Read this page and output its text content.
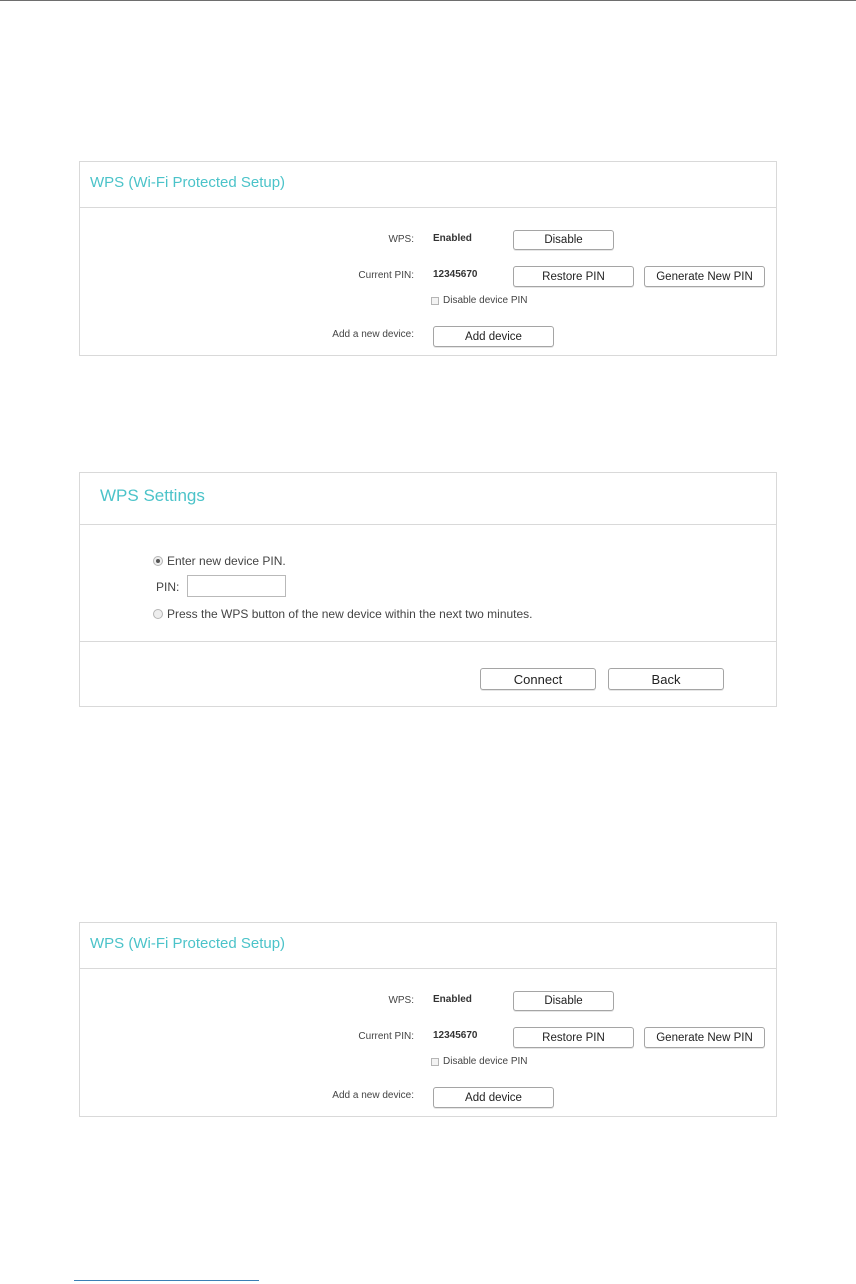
WPS (Wi-Fi Protected Setup)
WPS: Enabled	Disable
Current PIN: 12345670	Restore PIN	Generate New PIN
Disable device PIN
Add a new device:	Add device
WPS Settings
Enter new device PIN.
PIN:
Press the WPS button of the new device within the next two minutes.
Connect	Back
WPS (Wi-Fi Protected Setup)
WPS: Enabled	Disable
Current PIN: 12345670	Restore PIN	Generate New PIN
Disable device PIN
Add a new device:	Add device
